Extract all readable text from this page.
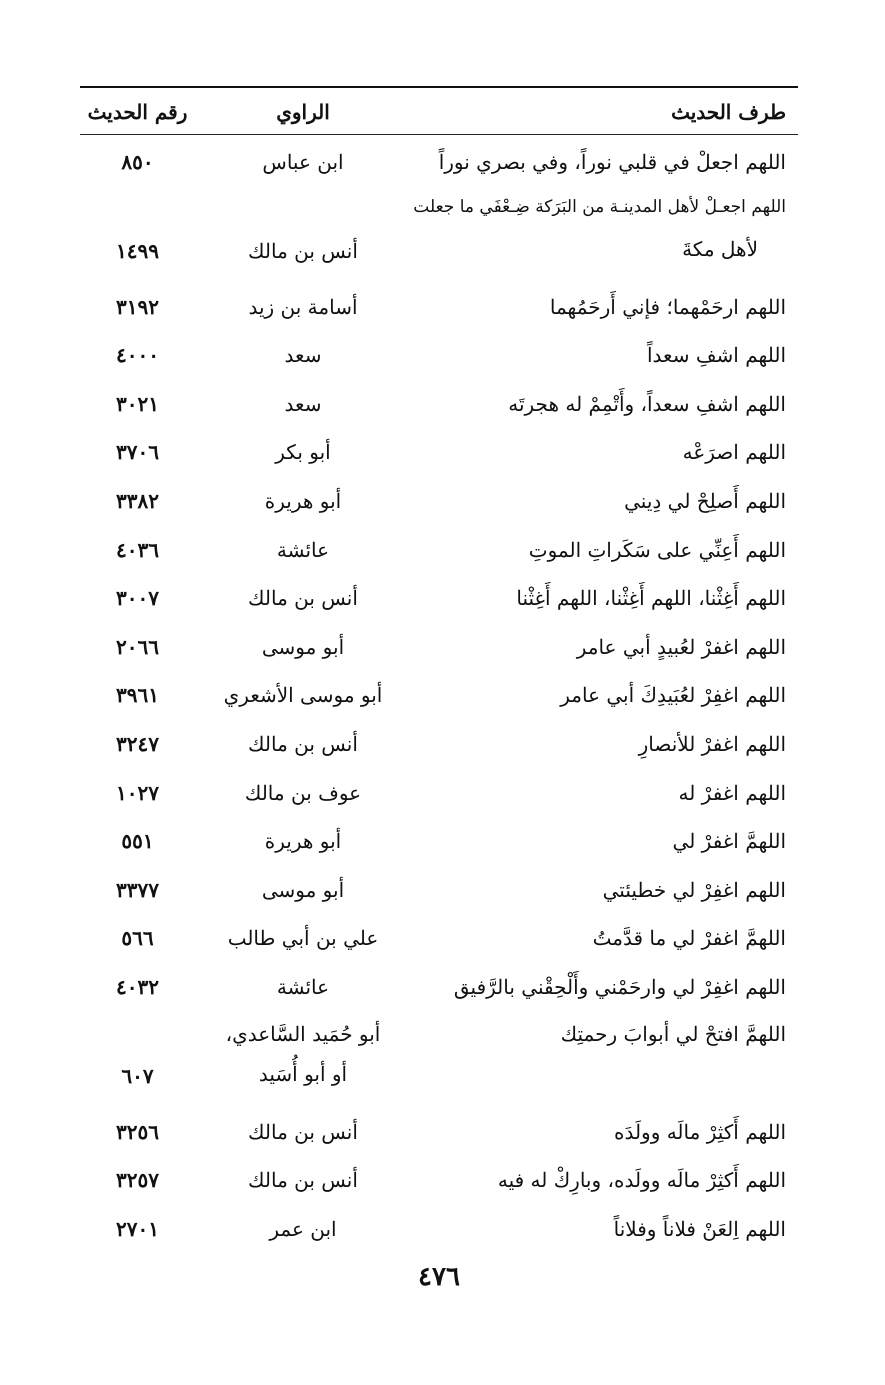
طرف الحديث
الراوي
رقم الحديث
اللهم اجعلْ في قلبي نوراً، وفي بصري نوراً
ابن عباس
٨٥٠
اللهم اجعـلْ لأهل المدينـة من البَرَكة ضِـعْفَي ما جعلت
لأهل مكةَ
أنس بن مالك
١٤٩٩
اللهم ارحَمْهما؛ فإني أَرحَمُهما
أسامة بن زيد
٣١٩٢
اللهم اشفِ سعداً
سعد
٤٠٠٠
اللهم اشفِ سعداً، وأَتْمِمْ له هجرتَه
سعد
٣٠٢١
اللهم اصرَعْه
أبو بكر
٣٧٠٦
اللهم أَصلِحْ لي دِيني
أبو هريرة
٣٣٨٢
اللهم أَعِنِّي على سَكَراتِ الموتِ
عائشة
٤٠٣٦
اللهم أَغِثْنا، اللهم أَغِثْنا، اللهم أَغِثْنا
أنس بن مالك
٣٠٠٧
اللهم اغفرْ لعُبيدٍ أبي عامر
أبو موسى
٢٠٦٦
اللهم اغفِرْ لعُبَيدِكَ أبي عامر
أبو موسى الأشعري
٣٩٦١
اللهم اغفرْ للأنصارِ
أنس بن مالك
٣٢٤٧
اللهم اغفرْ له
عوف بن مالك
١٠٢٧
اللهمَّ اغفرْ لي
أبو هريرة
٥٥١
اللهم اغفِرْ لي خطيئتي
أبو موسى
٣٣٧٧
اللهمَّ اغفرْ لي ما قدَّمتُ
علي بن أبي طالب
٥٦٦
اللهم اغفِرْ لي وارحَمْني وأَلْحِقْني بالرَّفيق
عائشة
٤٠٣٢
اللهمَّ افتحْ لي أبوابَ رحمتِك
أبو حُمَيد السَّاعدي،
أو أبو أُسَيد
٦٠٧
اللهم أَكثِرْ مالَه وولَدَه
أنس بن مالك
٣٢٥٦
اللهم أَكثِرْ مالَه وولَده، وبارِكْ له فيه
أنس بن مالك
٣٢٥٧
اللهم اِلعَنْ فلاناً وفلاناً
ابن عمر
٢٧٠١
٤٧٦
